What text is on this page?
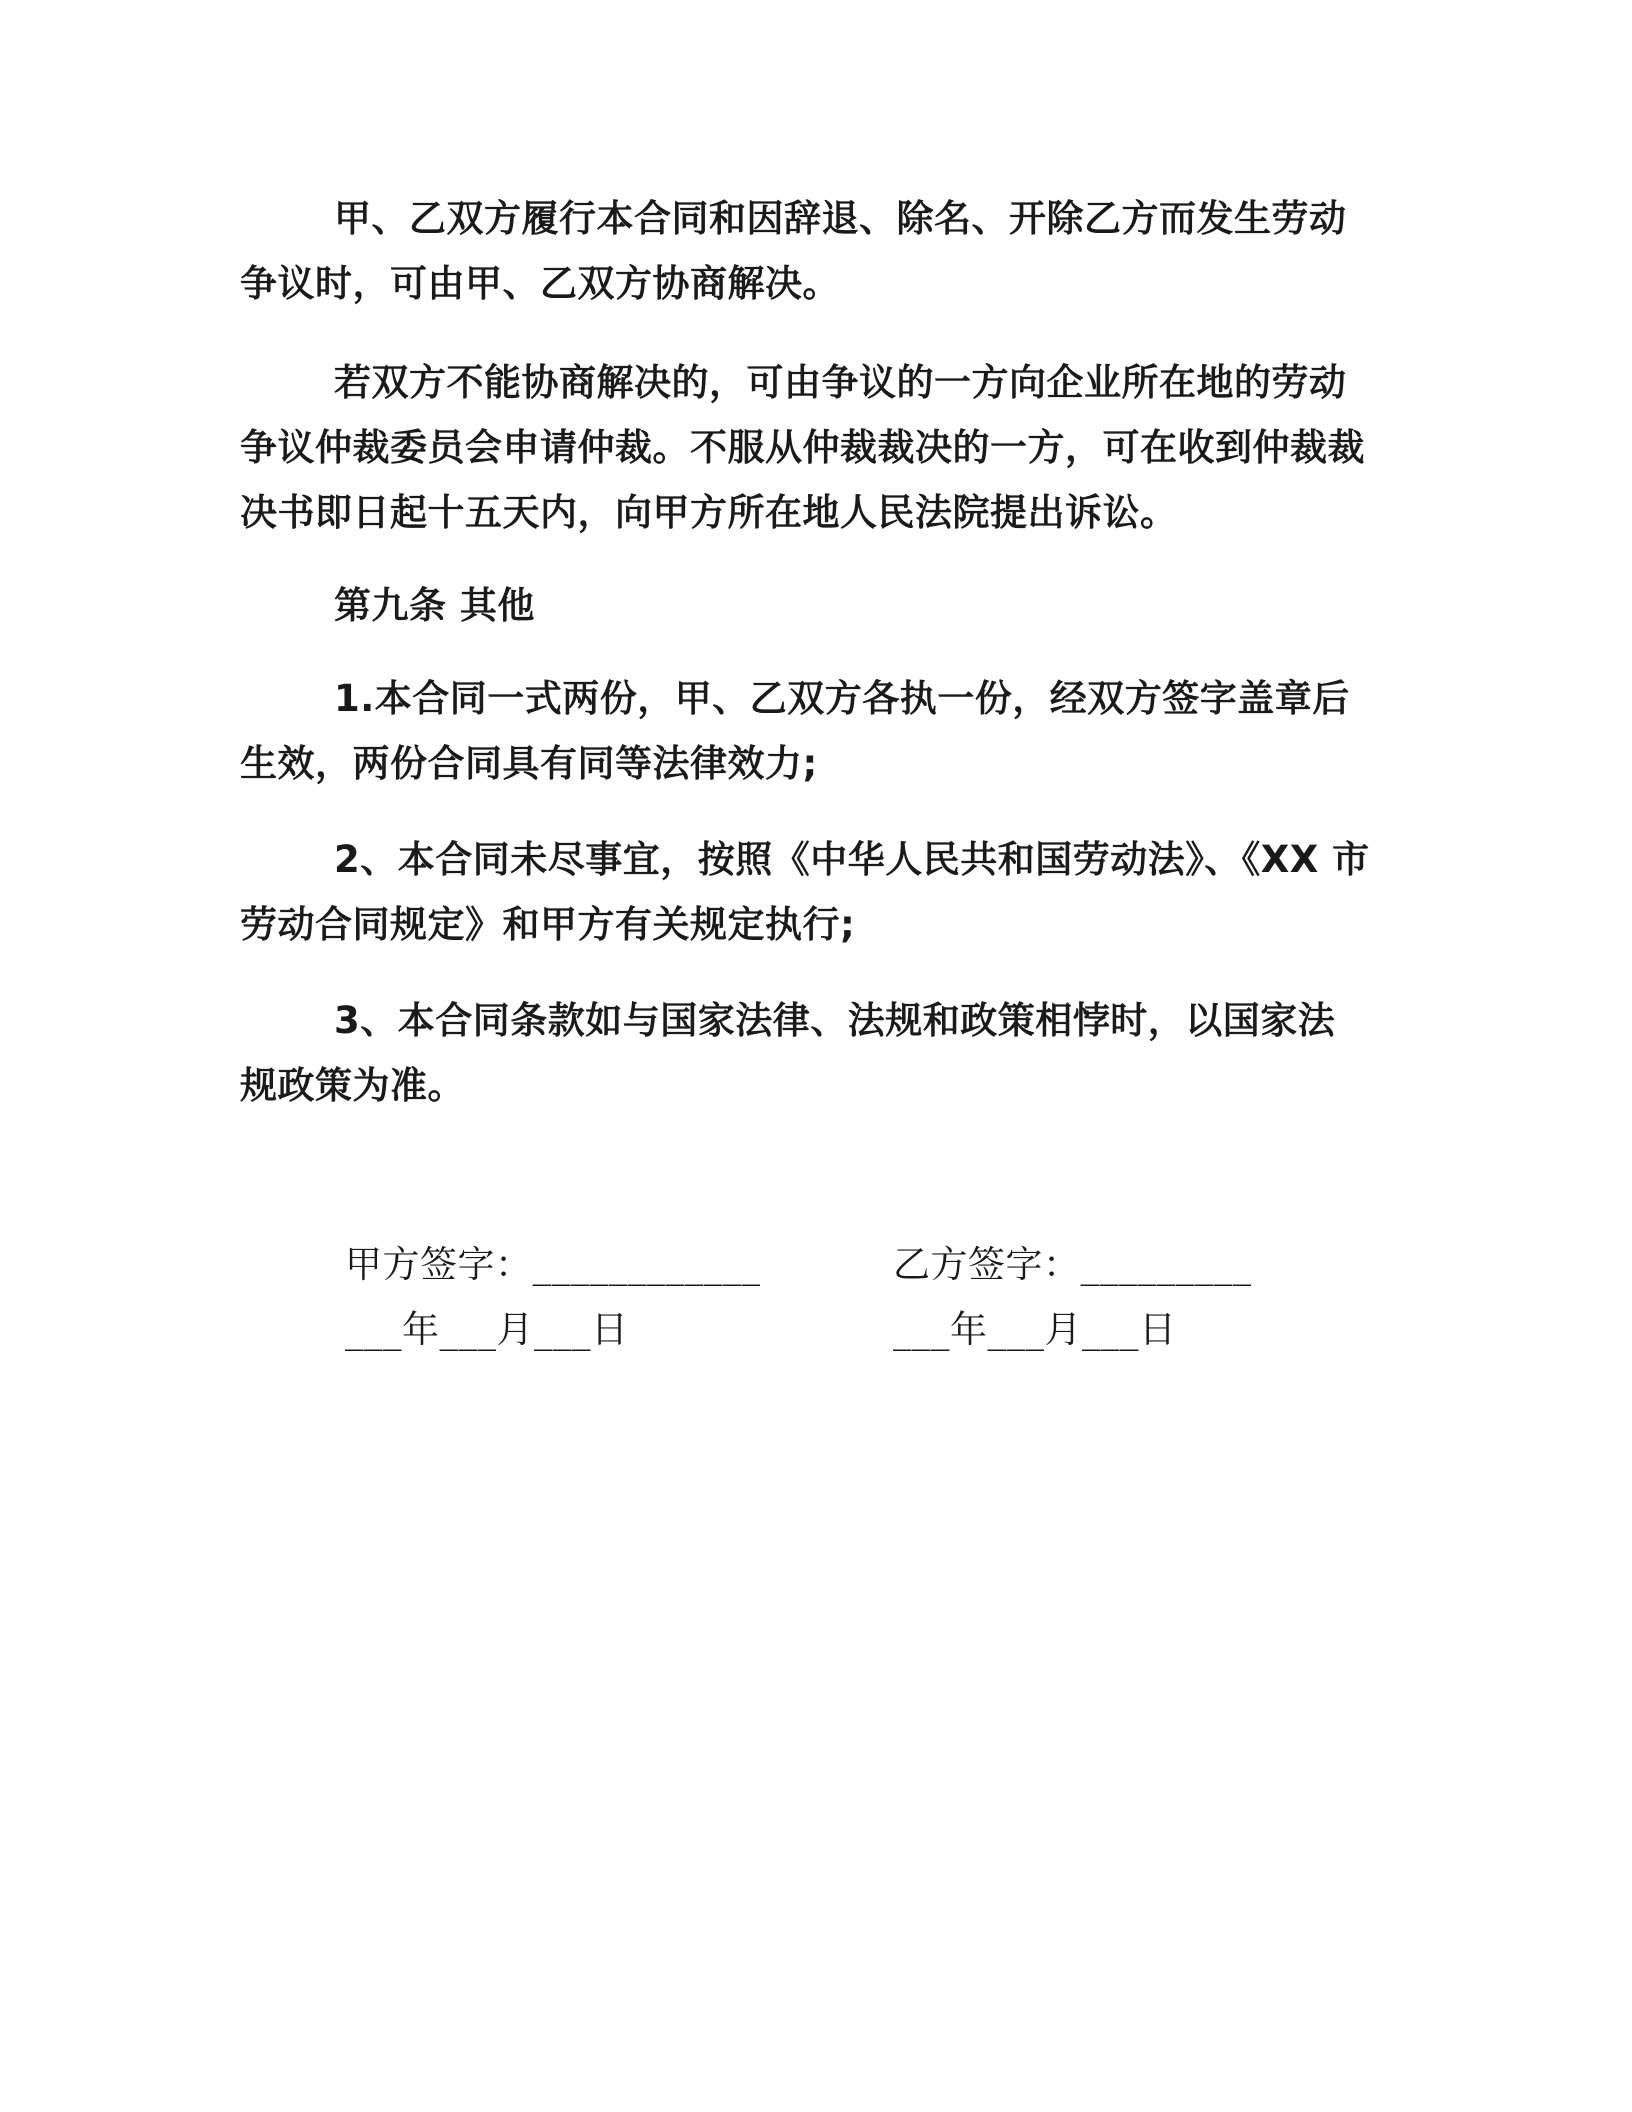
甲、乙双方履行本合同和因辞退、除名、开除乙方而发生劳动争议时，可由甲、乙双方协商解决。

若双方不能协商解决的，可由争议的一方向企业所在地的劳动争议仲裁委员会申请仲裁。不服从仲裁裁决的一方，可在收到仲裁裁决书即日起十五天内，向甲方所在地人民法院提出诉讼。

第九条 其他

1.本合同一式两份，甲、乙双方各执一份，经双方签字盖章后生效，两份合同具有同等法律效力;

2、本合同未尽事宜，按照《中华人民共和国劳动法》、《XX 市劳动合同规定》和甲方有关规定执行;

3、本合同条款如与国家法律、法规和政策相悖时，以国家法规政策为准。

甲方签字：____________
___年___月___日
乙方签字：_________
___年___月___日
